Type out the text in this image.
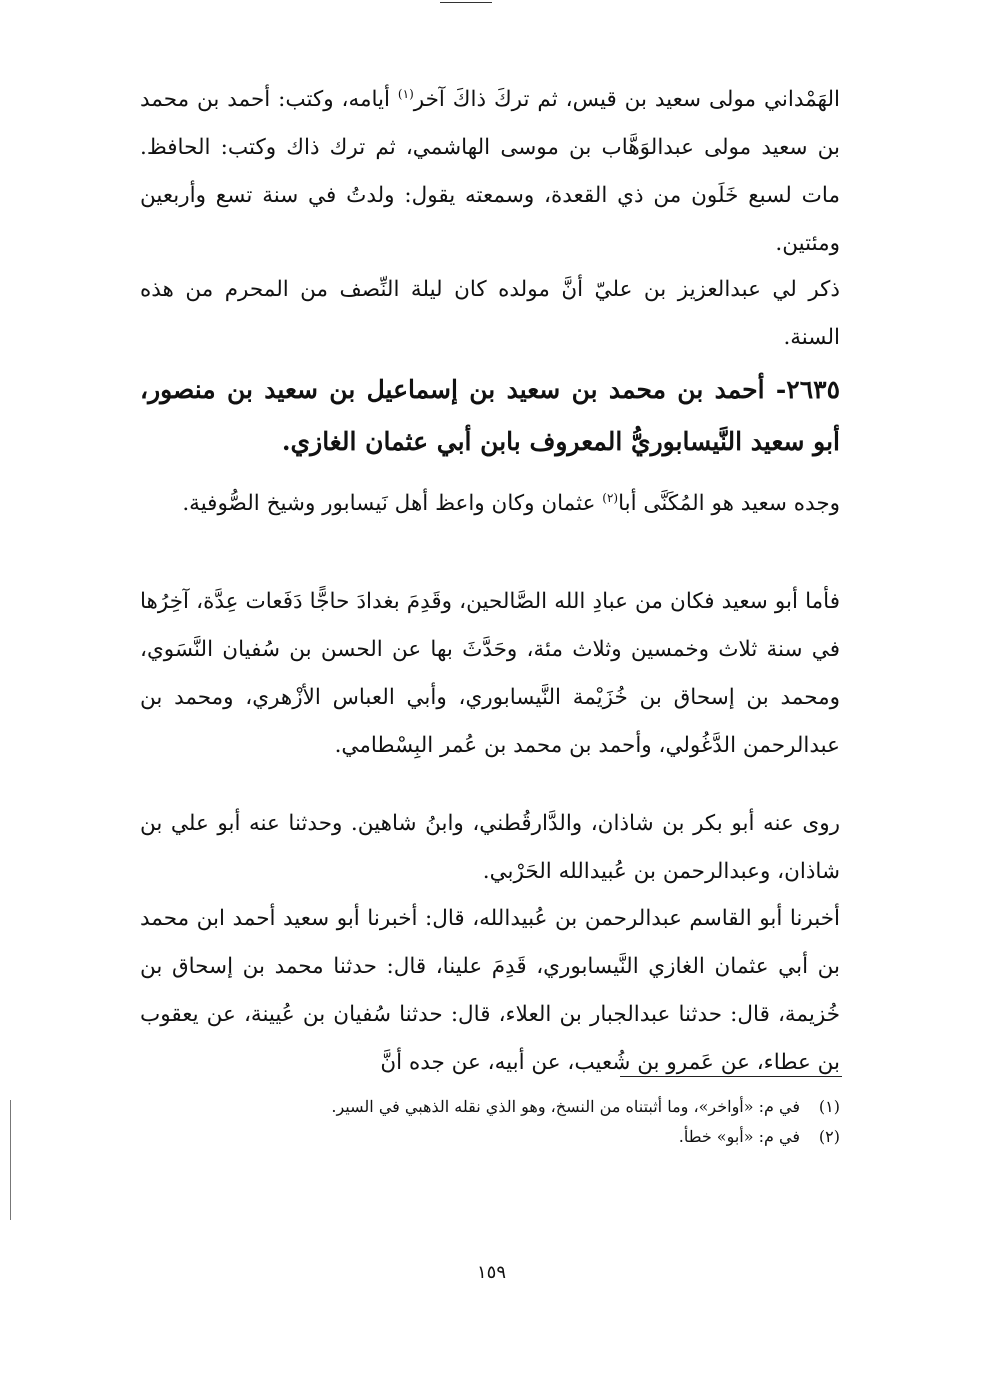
الهَمْداني مولى سعيد بن قيس، ثم تركَ ذاكَ آخر$^{(١)}$ أيامه، وكتب: أحمد بن محمد بن سعيد مولى عبدالوَهَّاب بن موسى الهاشمي، ثم ترك ذاك وكتب: الحافظ. مات لسبع خَلَون من ذي القعدة، وسمعته يقول: ولدتُ في سنة تسع وأربعين ومئتين.

ذكر لي عبدالعزيز بن عليّ أنَّ مولده كان ليلة النِّصف من المحرم من هذه السنة.

٢٦٣٥- أحمد بن محمد بن سعيد بن إسماعيل بن سعيد بن منصور، أبو سعيد النَّيسابوريُّ المعروف بابن أبي عثمان الغازي.

وجده سعيد هو المُكَنَّى أبا$^{(٢)}$ عثمان وكان واعظ أهل نَيسابور وشيخ الصُّوفية.

فأما أبو سعيد فكان من عبادِ الله الصَّالحين، وقَدِمَ بغدادَ حاجًّا دَفَعات عِدَّة، آخِرُها في سنة ثلاث وخمسين وثلاث مئة، وحَدَّثَ بها عن الحسن بن سُفيان النَّسَوي، ومحمد بن إسحاق بن خُزَيْمة النَّيسابوري، وأبي العباس الأزْهري، ومحمد بن عبدالرحمن الدَّغُولي، وأحمد بن محمد بن عُمر البِسْطامي.

روى عنه أبو بكر بن شاذان، والدَّارقُطني، وابنُ شاهين. وحدثنا عنه أبو علي بن شاذان، وعبدالرحمن بن عُبيدالله الحَرْبي.

أخبرنا أبو القاسم عبدالرحمن بن عُبيدالله، قال: أخبرنا أبو سعيد أحمد ابن محمد بن أبي عثمان الغازي النَّيسابوري، قَدِمَ علينا، قال: حدثنا محمد بن إسحاق بن خُزيمة، قال: حدثنا عبدالجبار بن العلاء، قال: حدثنا سُفيان بن عُيينة، عن يعقوب بن عطاء، عن عَمرو بن شُعيب، عن أبيه، عن جده أنَّ

(١)في م: «أواخر»، وما أثبتناه من النسخ، وهو الذي نقله الذهبي في السير.
(٢)في م: «أبو» خطأ.
١٥٩
